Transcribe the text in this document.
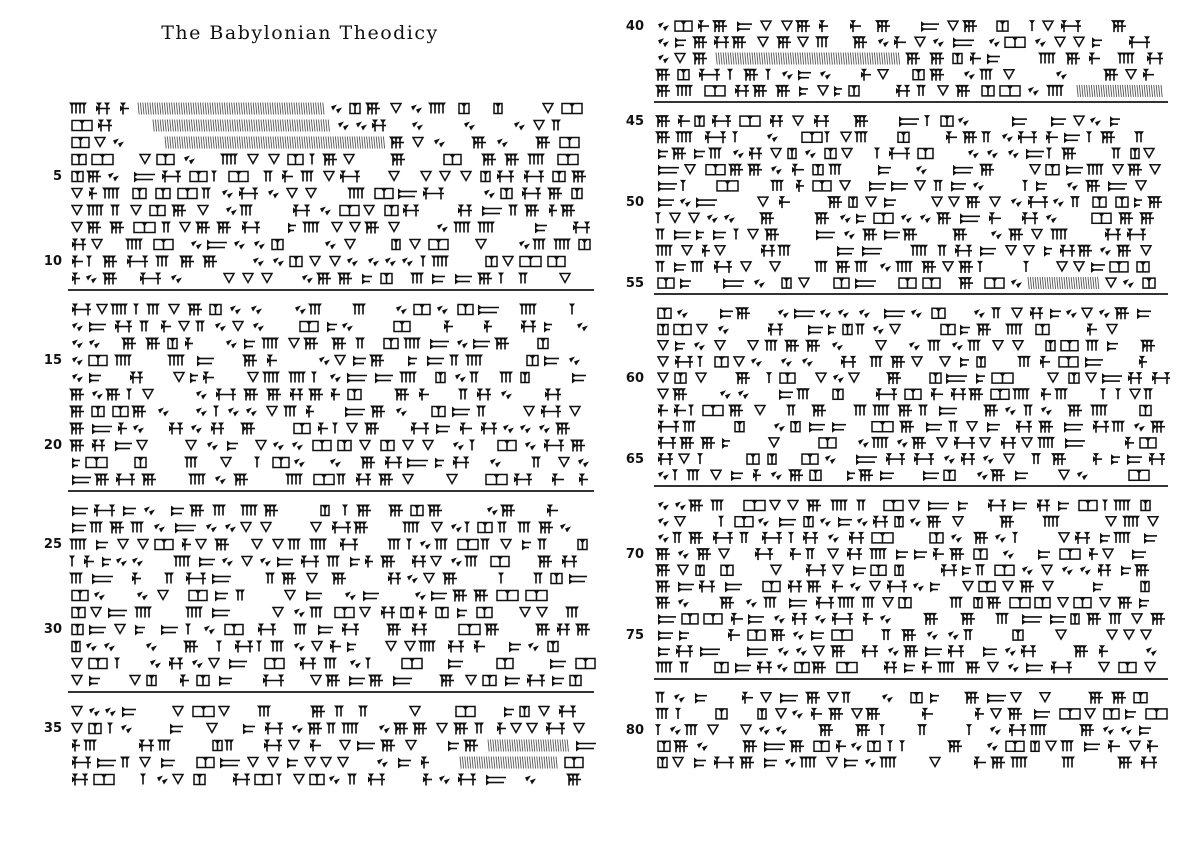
The Babylonian Theodicy
5
10
15
20
25
30
35
40
45
50
55
60
65
70
75
80
